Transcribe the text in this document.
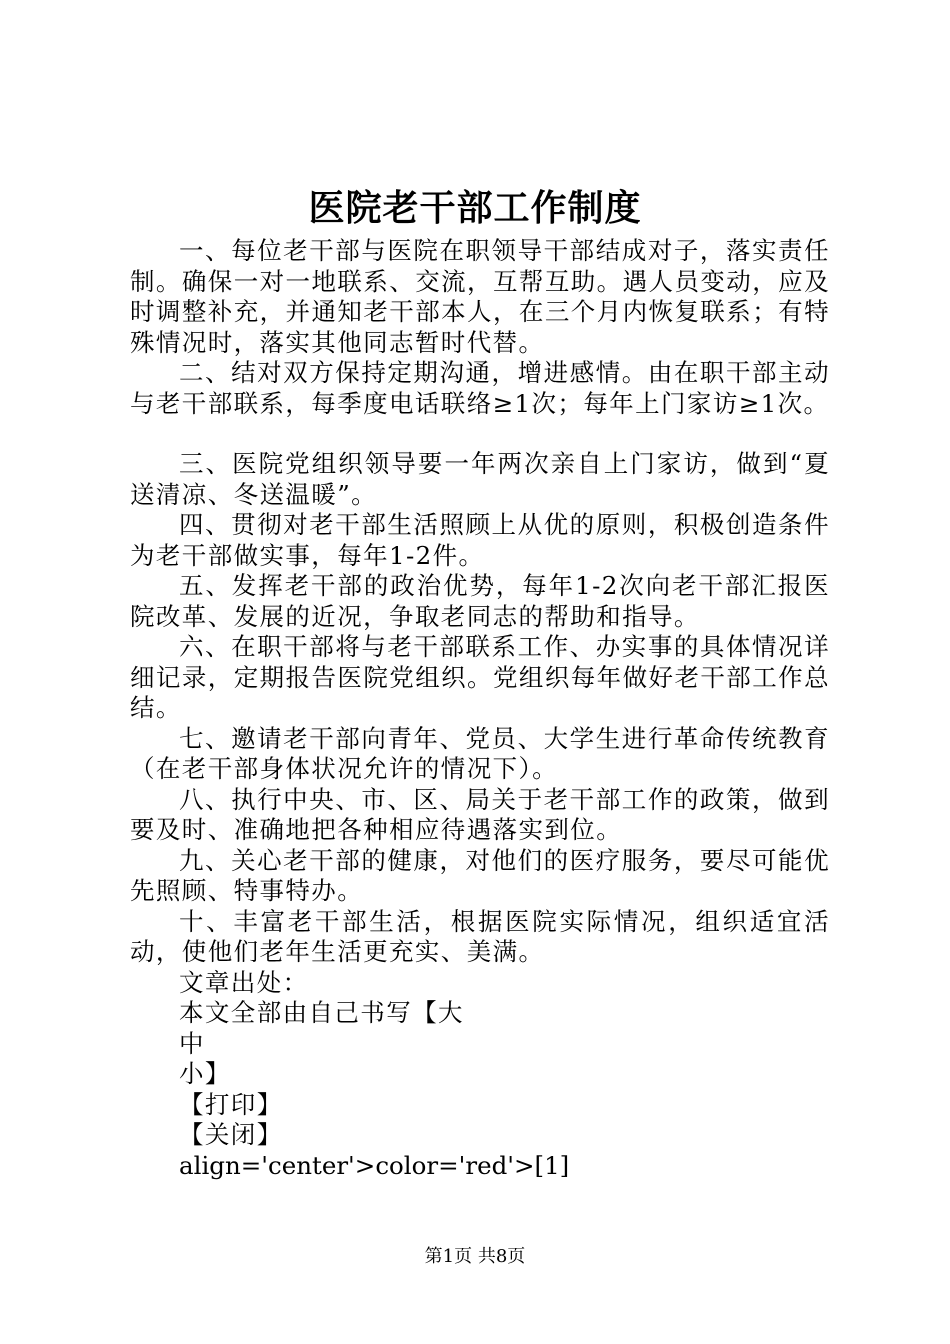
医院老干部工作制度

一、每位老干部与医院在职领导干部结成对子，落实责任制。确保一对一地联系、交流，互帮互助。遇人员变动，应及时调整补充，并通知老干部本人，在三个月内恢复联系；有特殊情况时，落实其他同志暂时代替。

二、结对双方保持定期沟通，增进感情。由在职干部主动与老干部联系，每季度电话联络≥1次；每年上门家访≥1次。

三、医院党组织领导要一年两次亲自上门家访，做到“夏送清凉、冬送温暖”。

四、贯彻对老干部生活照顾上从优的原则，积极创造条件为老干部做实事，每年1-2件。

五、发挥老干部的政治优势，每年1-2次向老干部汇报医院改革、发展的近况，争取老同志的帮助和指导。

六、在职干部将与老干部联系工作、办实事的具体情况详细记录，定期报告医院党组织。党组织每年做好老干部工作总结。

七、邀请老干部向青年、党员、大学生进行革命传统教育（在老干部身体状况允许的情况下）。

八、执行中央、市、区、局关于老干部工作的政策，做到要及时、准确地把各种相应待遇落实到位。

九、关心老干部的健康，对他们的医疗服务，要尽可能优先照顾、特事特办。

十、丰富老干部生活，根据医院实际情况，组织适宜活动，使他们老年生活更充实、美满。

文章出处：

本文全部由自己书写【大

中

小】

【打印】

【关闭】

align='center'>color='red'>[1]

第1页 共8页
